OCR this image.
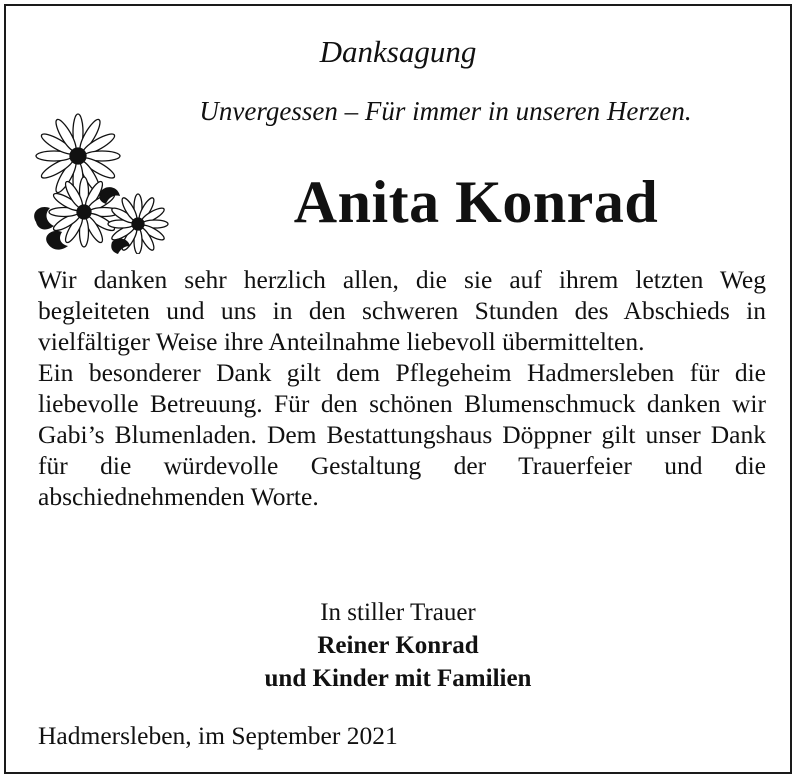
Danksagung
Unvergessen – Für immer in unseren Herzen.
Anita Konrad

Wir danken sehr herzlich allen, die sie auf ihrem letzten Weg begleiteten und uns in den schweren Stunden des Abschieds in vielfältiger Weise ihre Anteilnahme liebevoll übermittelten.

Ein besonderer Dank gilt dem Pflegeheim Hadmersleben für die liebevolle Betreuung. Für den schönen Blumenschmuck danken wir Gabi’s Blumenladen. Dem Bestattungshaus Döppner gilt unser Dank für die würdevolle Gestaltung der Trauerfeier und die abschiednehmenden Worte.

In stiller Trauer
Reiner Konrad
und Kinder mit Familien
Hadmersleben, im September 2021
